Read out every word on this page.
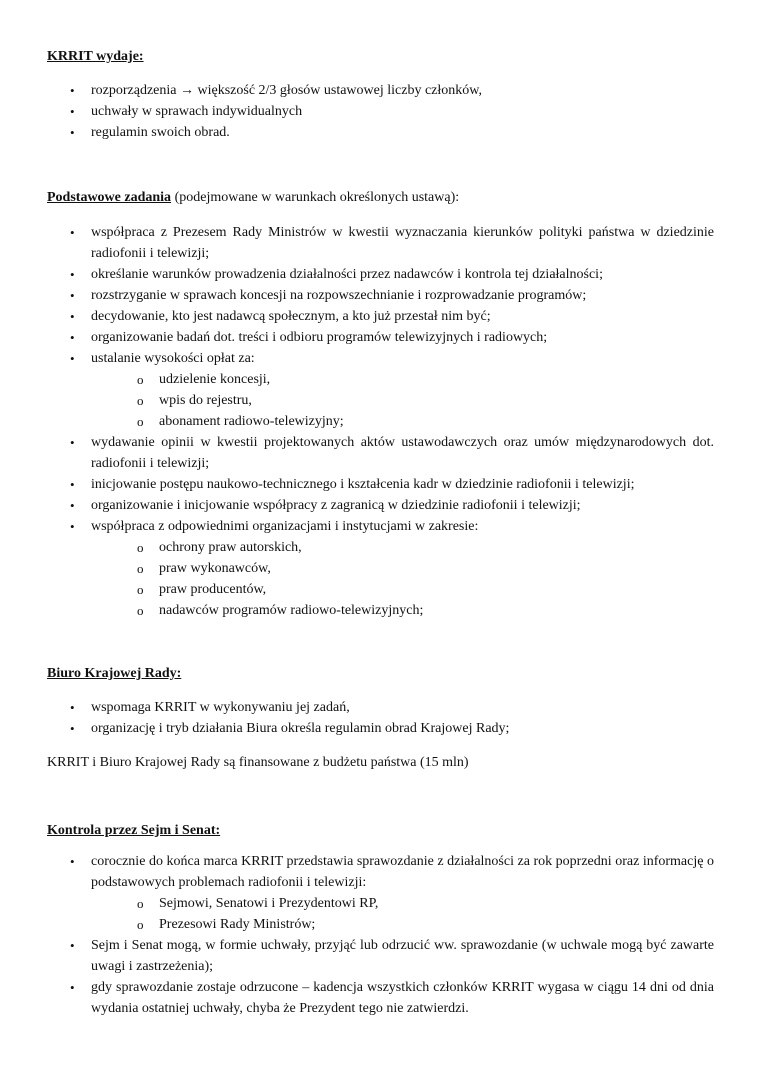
KRRIT wydaje:
• rozporządzenia → większość 2/3 głosów ustawowej liczby członków,
• uchwały w sprawach indywidualnych
• regulamin swoich obrad.
Podstawowe zadania (podejmowane w warunkach określonych ustawą):
• współpraca z Prezesem Rady Ministrów w kwestii wyznaczania kierunków polityki państwa w dziedzinie radiofonii i telewizji;
• określanie warunków prowadzenia działalności przez nadawców i kontrola tej działalności;
• rozstrzyganie w sprawach koncesji na rozpowszechnianie i rozprowadzanie programów;
• decydowanie, kto jest nadawcą społecznym, a kto już przestał nim być;
• organizowanie badań dot. treści i odbioru programów telewizyjnych i radiowych;
• ustalanie wysokości opłat za:
o udzielenie koncesji,
o wpis do rejestru,
o abonament radiowo-telewizyjny;
• wydawanie opinii w kwestii projektowanych aktów ustawodawczych oraz umów międzynarodowych dot. radiofonii i telewizji;
• inicjowanie postępu naukowo-technicznego i kształcenia kadr w dziedzinie radiofonii i telewizji;
• organizowanie i inicjowanie współpracy z zagranicą w dziedzinie radiofonii i telewizji;
• współpraca z odpowiednimi organizacjami i instytucjami w zakresie:
o ochrony praw autorskich,
o praw wykonawców,
o praw producentów,
o nadawców programów radiowo-telewizyjnych;
Biuro Krajowej Rady:
• wspomaga KRRIT w wykonywaniu jej zadań,
• organizację i tryb działania Biura określa regulamin obrad Krajowej Rady;
KRRIT i Biuro Krajowej Rady są finansowane z budżetu państwa (15 mln)
Kontrola przez Sejm i Senat:
• corocznie do końca marca KRRIT przedstawia sprawozdanie z działalności za rok poprzedni oraz informację o podstawowych problemach radiofonii i telewizji:
o Sejmowi, Senatowi i Prezydentowi RP,
o Prezesowi Rady Ministrów;
• Sejm i Senat mogą, w formie uchwały, przyjąć lub odrzucić ww. sprawozdanie (w uchwale mogą być zawarte uwagi i zastrzeżenia);
• gdy sprawozdanie zostaje odrzucone – kadencja wszystkich członków KRRIT wygasa w ciągu 14 dni od dnia wydania ostatniej uchwały, chyba że Prezydent tego nie zatwierdzi.
